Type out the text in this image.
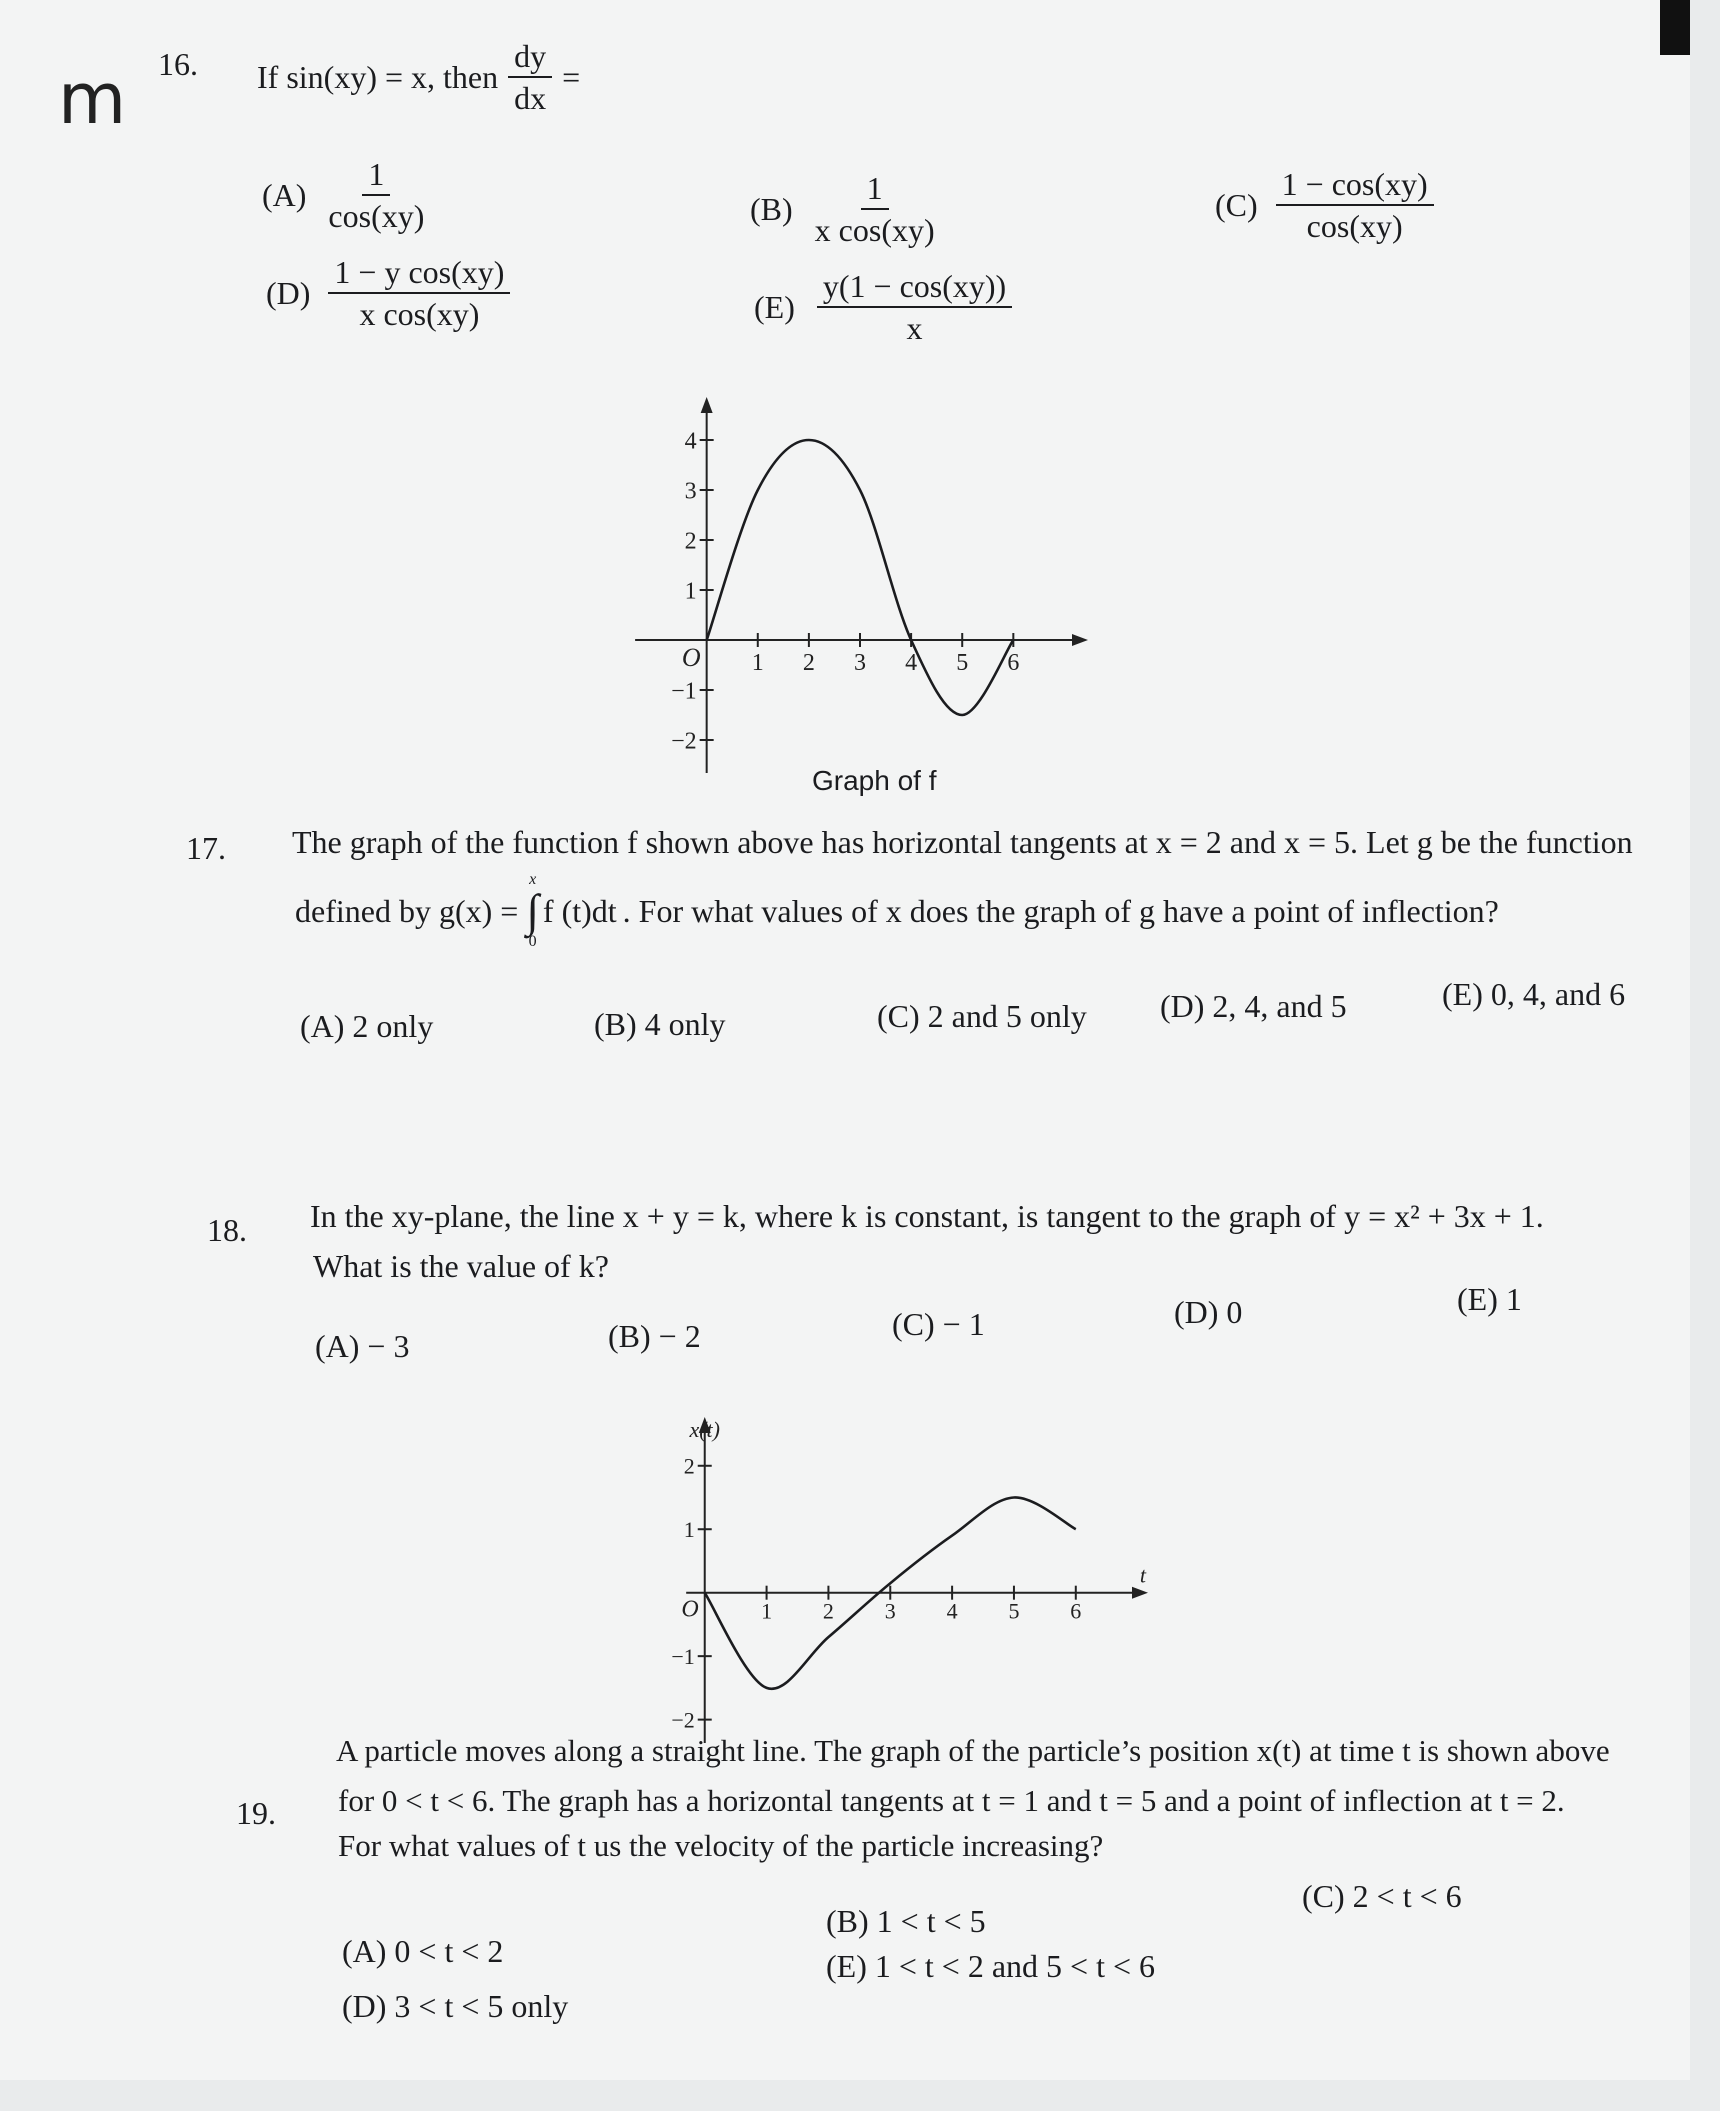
m 16. If sin(xy) = x, then $\frac{dy}{dx}$ =
$(A) \frac{1}{\cos(xy)}$	$(B) \frac{1}{\text{x cos(xy)}}$	$(C) \frac{1 - \cos(xy)}{\cos(xy)}$
$(D) \frac{\text{1 − y cos(xy)}}{\text{x cos(xy)}}$	$(E) \frac{y(1 - \cos(xy))}{x}$
1 2 3 4 5 6
4
3
2
1
−1
−2
O
Graph of f
17. The graph of the function f shown above has horizontal tangents at x = 2 and x = 5. Let g be the function
defined by g(x) =
x
∫
0
f (t)dt . For what values of x does the graph of g have a point of inflection?
(A) 2 only	(B) 4 only	(C) 2 and 5 only (D) 2, 4, and 5	(E) 0, 4, and 6
18. In the xy-plane, the line x + y = k, where k is constant, is tangent to the graph of y = x² + 3x + 1.
What is the value of k?
(A) − 3	(B) − 2	(C) − 1	(D) 0	(E) 1
1 2 3 4 5 6
2
1
−1
−2
O
t
x(t)
19.
A particle moves along a straight line. The graph of the particle’s position x(t) at time t is shown above
for 0 < t < 6. The graph has a horizontal tangents at t = 1 and t = 5 and a point of inflection at t = 2.
For what values of t us the velocity of the particle increasing?
(A) 0 < t < 2
(B) 1 < t < 5
(C) 2 < t < 6
(D) 3 < t < 5 only
(E) 1 < t < 2 and 5 < t < 6
